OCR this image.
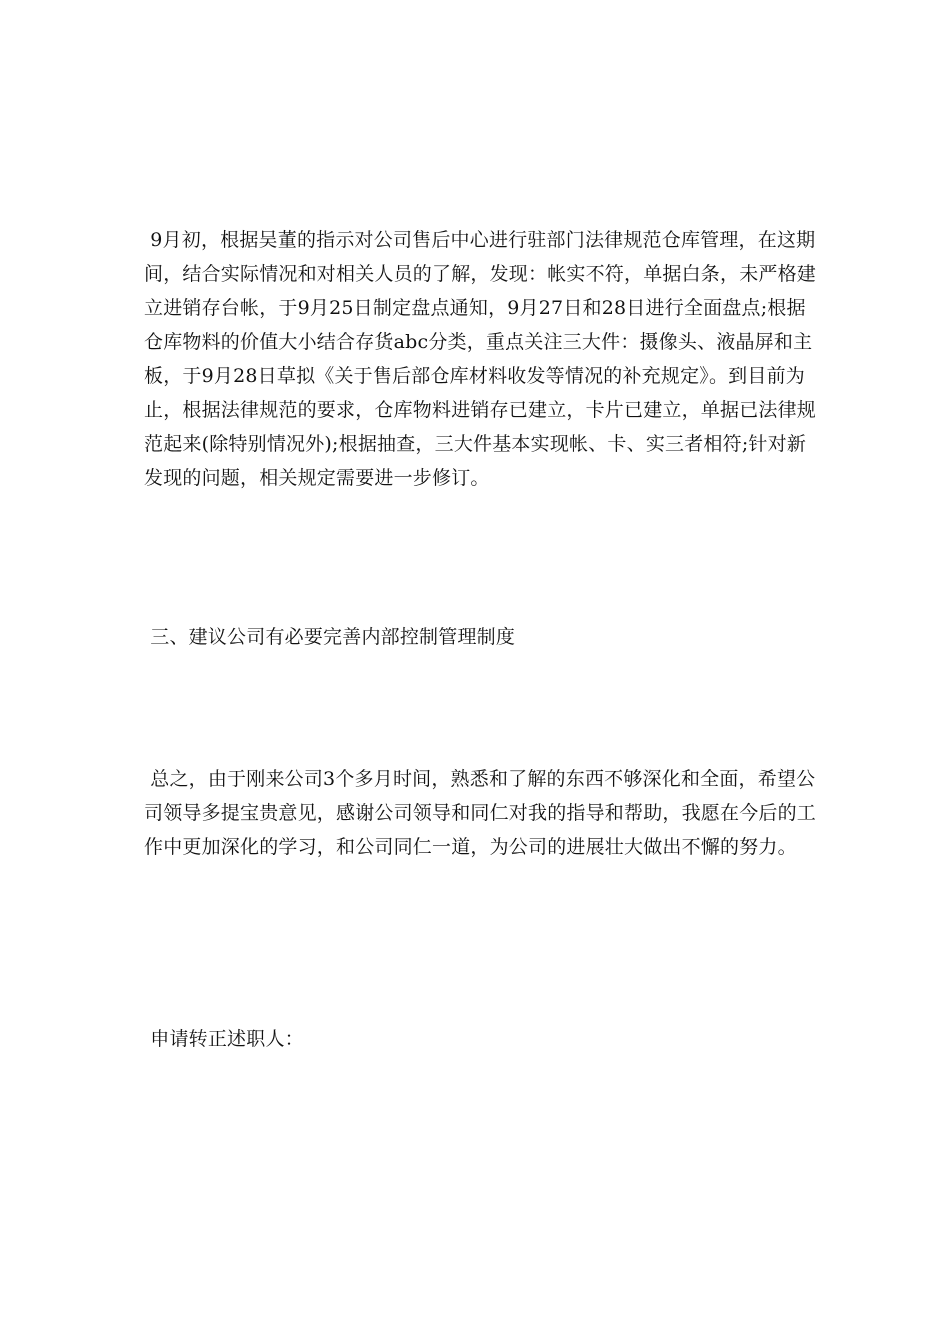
9月初，根据吴董的指示对公司售后中心进行驻部门法律规范仓库管理，在这期间，结合实际情况和对相关人员的了解，发现：帐实不符，单据白条，未严格建立进销存台帐，于9月25日制定盘点通知，9月27日和28日进行全面盘点;根据仓库物料的价值大小结合存货abc分类，重点关注三大件：摄像头、液晶屏和主板，于9月28日草拟《关于售后部仓库材料收发等情况的补充规定》。到目前为止，根据法律规范的要求，仓库物料进销存已建立，卡片已建立，单据已法律规范起来(除特别情况外);根据抽查，三大件基本实现帐、卡、实三者相符;针对新发现的问题，相关规定需要进一步修订。

三、建议公司有必要完善内部控制管理制度

总之，由于刚来公司3个多月时间，熟悉和了解的东西不够深化和全面，希望公司领导多提宝贵意见，感谢公司领导和同仁对我的指导和帮助，我愿在今后的工作中更加深化的学习，和公司同仁一道，为公司的进展壮大做出不懈的努力。

申请转正述职人：
